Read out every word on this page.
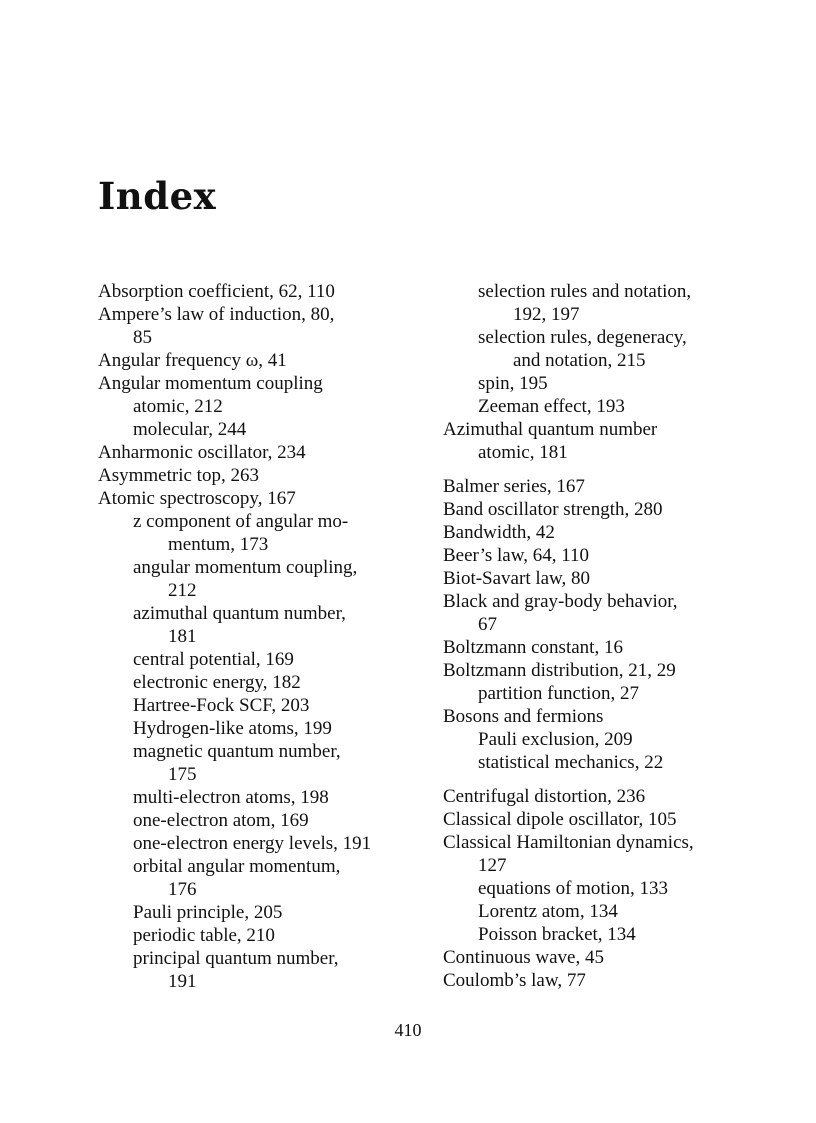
Index
Absorption coefficient, 62, 110
Ampere’s law of induction, 80,
85
Angular frequency ω, 41
Angular momentum coupling
atomic, 212
molecular, 244
Anharmonic oscillator, 234
Asymmetric top, 263
Atomic spectroscopy, 167
z component of angular mo-
mentum, 173
angular momentum coupling,
212
azimuthal quantum number,
181
central potential, 169
electronic energy, 182
Hartree-Fock SCF, 203
Hydrogen-like atoms, 199
magnetic quantum number,
175
multi-electron atoms, 198
one-electron atom, 169
one-electron energy levels, 191
orbital angular momentum,
176
Pauli principle, 205
periodic table, 210
principal quantum number,
191
selection rules and notation,
192, 197
selection rules, degeneracy,
and notation, 215
spin, 195
Zeeman effect, 193
Azimuthal quantum number
atomic, 181
Balmer series, 167
Band oscillator strength, 280
Bandwidth, 42
Beer’s law, 64, 110
Biot-Savart law, 80
Black and gray-body behavior,
67
Boltzmann constant, 16
Boltzmann distribution, 21, 29
partition function, 27
Bosons and fermions
Pauli exclusion, 209
statistical mechanics, 22
Centrifugal distortion, 236
Classical dipole oscillator, 105
Classical Hamiltonian dynamics,
127
equations of motion, 133
Lorentz atom, 134
Poisson bracket, 134
Continuous wave, 45
Coulomb’s law, 77
410
